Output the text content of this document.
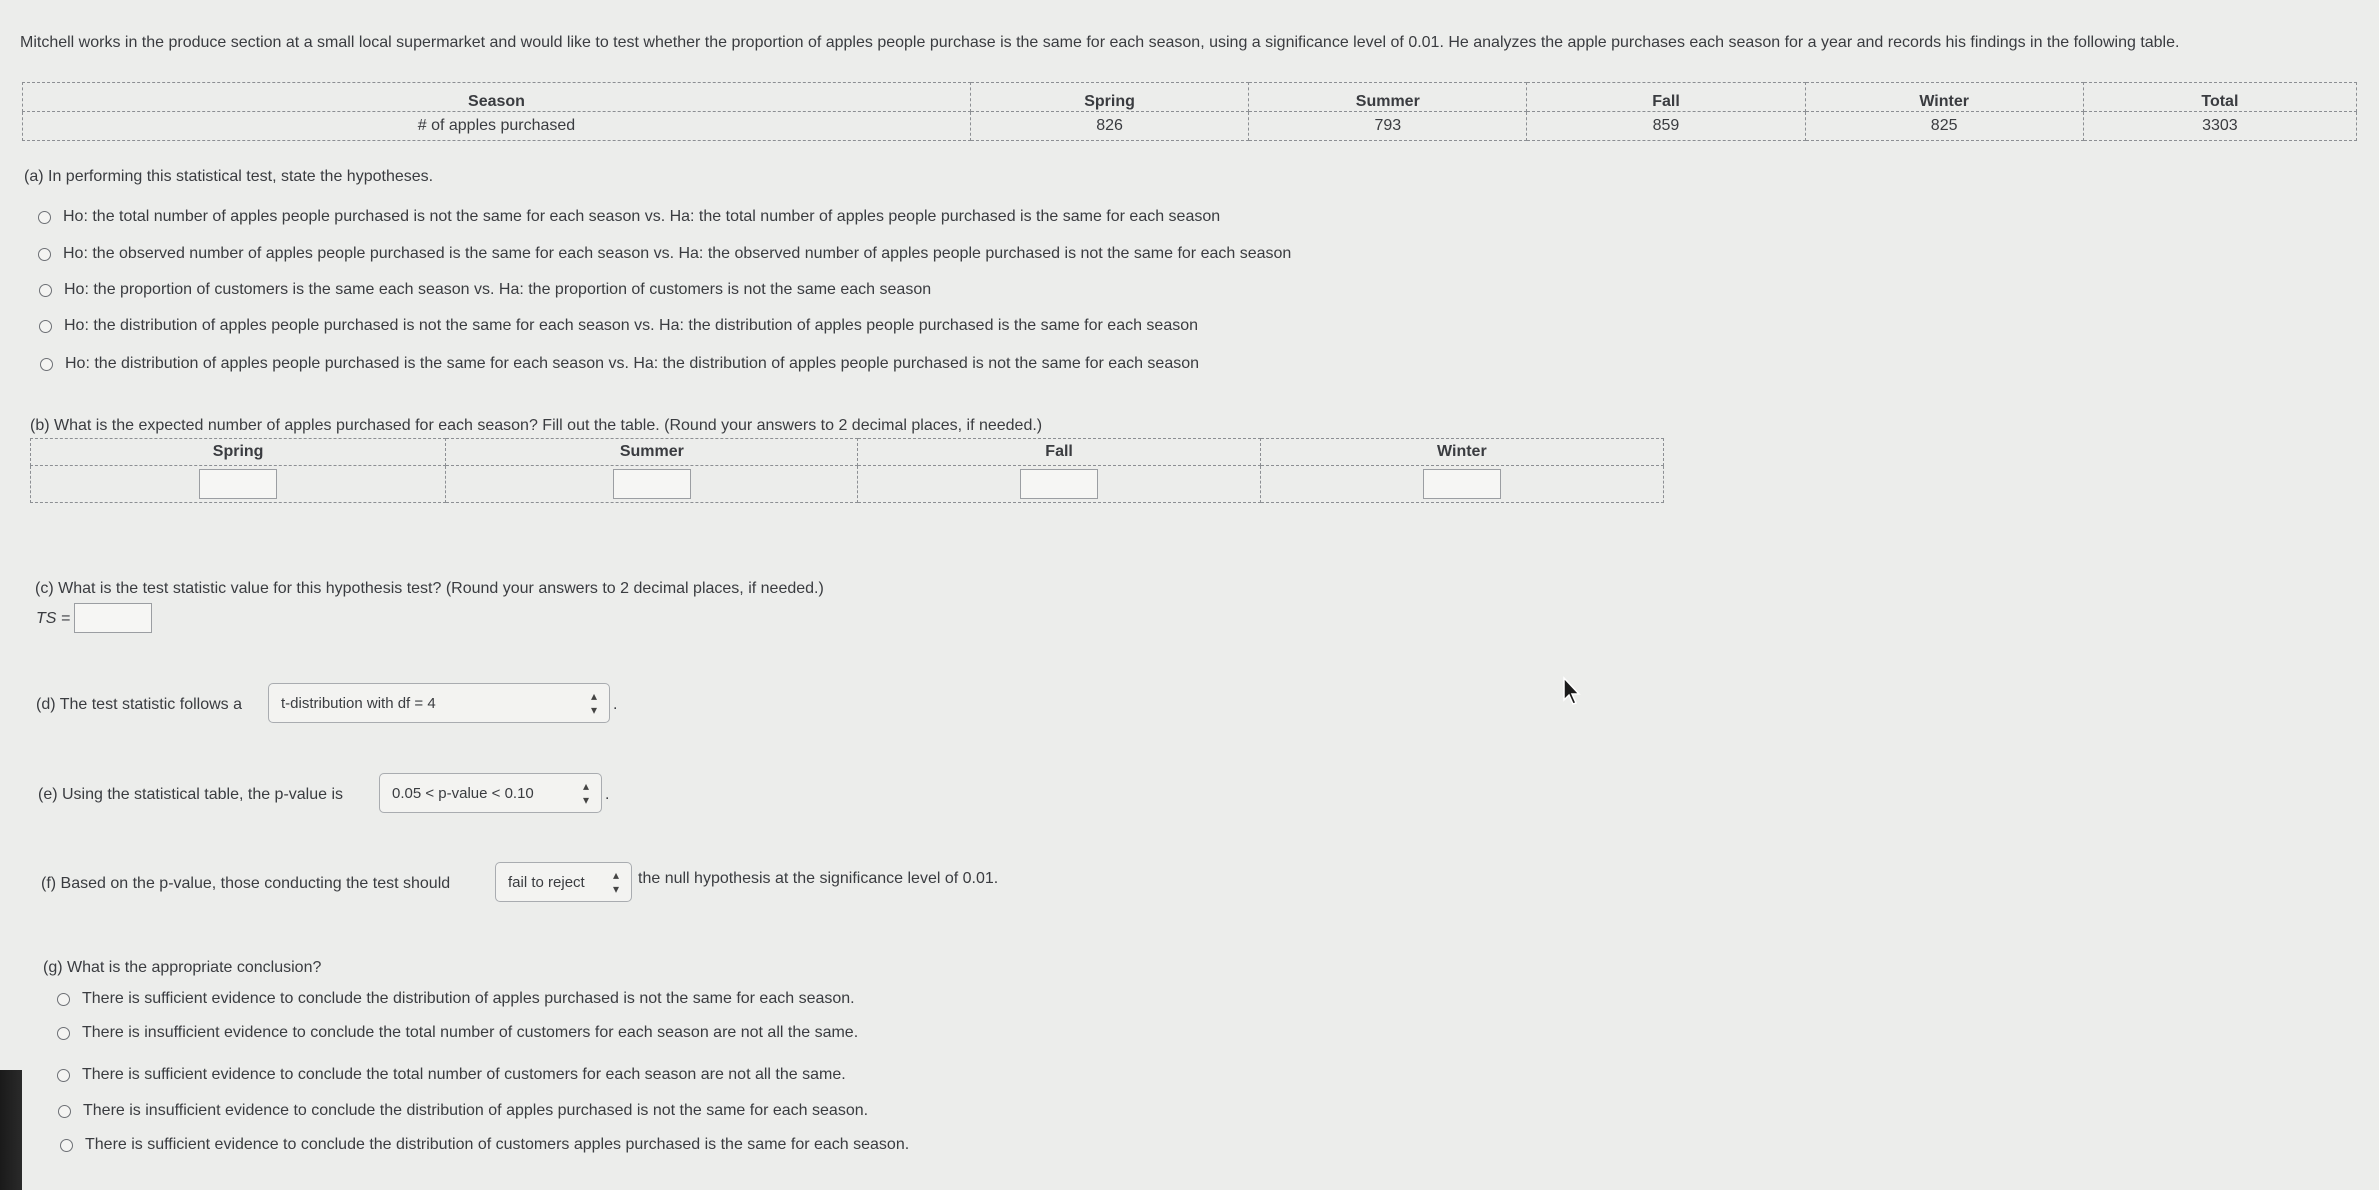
Mitchell works in the produce section at a small local supermarket and would like to test whether the proportion of apples people purchase is the same for each season, using a significance level of 0.01. He analyzes the apple purchases each season for a year and records his findings in the following table.
Season	Spring	Summer	Fall	Winter	Total
# of apples purchased	826	793	859	825	3303
(a) In performing this statistical test, state the hypotheses.
Ho: the total number of apples people purchased is not the same for each season vs. Ha: the total number of apples people purchased is the same for each season
Ho: the observed number of apples people purchased is the same for each season vs. Ha: the observed number of apples people purchased is not the same for each season
Ho: the proportion of customers is the same each season vs. Ha: the proportion of customers is not the same each season
Ho: the distribution of apples people purchased is not the same for each season vs. Ha: the distribution of apples people purchased is the same for each season
Ho: the distribution of apples people purchased is the same for each season vs. Ha: the distribution of apples people purchased is not the same for each season
(b) What is the expected number of apples purchased for each season? Fill out the table. (Round your answers to 2 decimal places, if needed.)
Spring	Summer	Fall	Winter

(c) What is the test statistic value for this hypothesis test? (Round your answers to 2 decimal places, if needed.)
TS =
(d) The test statistic follows a	t-distribution with df = 4	▴
▾ .
(e) Using the statistical table, the p-value is	0.05 < p-value < 0.10	▴
▾ .
(f) Based on the p-value, those conducting the test should	fail to reject ▴
▾
the null hypothesis at the significance level of 0.01.
(g) What is the appropriate conclusion?
There is sufficient evidence to conclude the distribution of apples purchased is not the same for each season.
There is insufficient evidence to conclude the total number of customers for each season are not all the same.
There is sufficient evidence to conclude the total number of customers for each season are not all the same.
There is insufficient evidence to conclude the distribution of apples purchased is not the same for each season.
There is sufficient evidence to conclude the distribution of customers apples purchased is the same for each season.
